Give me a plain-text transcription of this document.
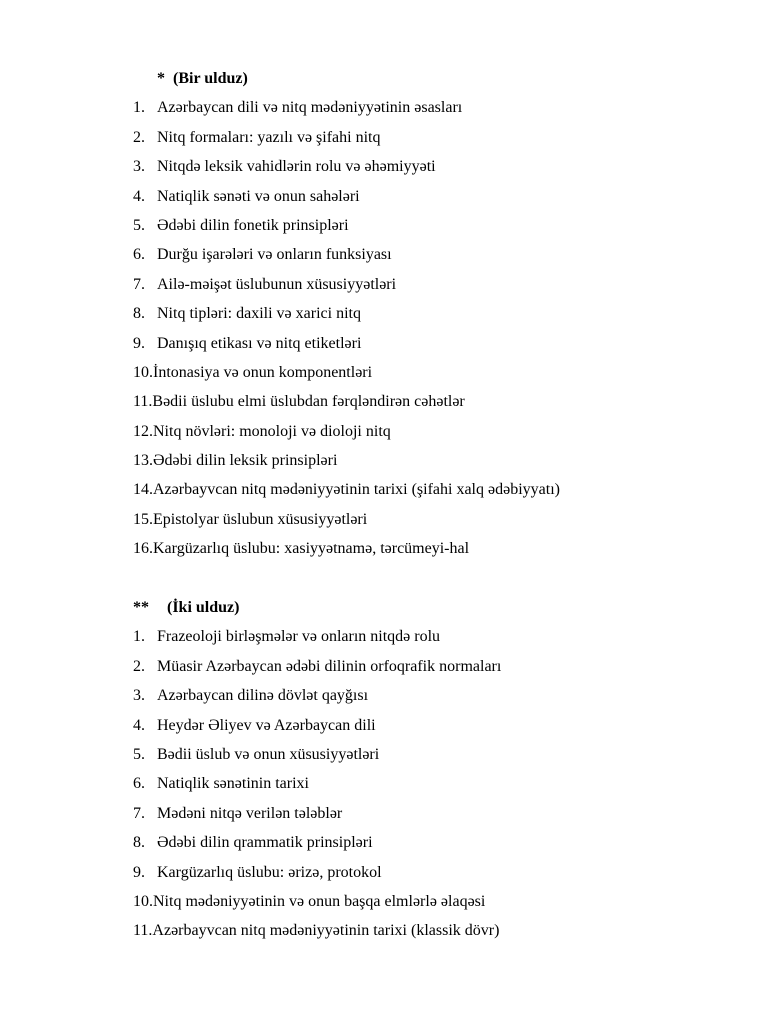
* (Bir ulduz)
1. Azərbaycan dili və nitq mədəniyyətinin əsasları
2. Nitq formaları: yazılı və şifahi nitq
3. Nitqdə leksik vahidlərin rolu və əhəmiyyəti
4. Natiqlik sənəti və onun sahələri
5. Ədəbi dilin fonetik prinsipləri
6. Durğu işarələri və onların funksiyası
7. Ailə-məişət üslubunun xüsusiyyətləri
8. Nitq tipləri: daxili və xarici nitq
9. Danışıq etikası və nitq etiketləri
10. İntonasiya və onun komponentləri
11. Bədii üslubu elmi üslubdan fərqləndirən cəhətlər
12. Nitq növləri: monoloji və dioloji nitq
13. Ədəbi dilin leksik prinsipləri
14. Azərbayvcan nitq mədəniyyətinin tarixi (şifahi xalq ədəbiyyatı)
15. Epistolyar üslubun xüsusiyyətləri
16. Kargüzarlıq üslubu: xasiyyətnamə, tərcümeyi-hal
** (İki ulduz)
1. Frazeoloji birləşmələr və onların nitqdə rolu
2. Müasir Azərbaycan ədəbi dilinin orfoqrafik normaları
3. Azərbaycan dilinə dövlət qayğısı
4. Heydər Əliyev və Azərbaycan dili
5. Bədii üslub və onun xüsusiyyətləri
6. Natiqlik sənətinin tarixi
7. Mədəni nitqə verilən tələblər
8. Ədəbi dilin qrammatik prinsipləri
9. Kargüzarlıq üslubu: ərizə, protokol
10. Nitq mədəniyyətinin və onun başqa elmlərlə əlaqəsi
11. Azərbayvcan nitq mədəniyyətinin tarixi (klassik dövr)
